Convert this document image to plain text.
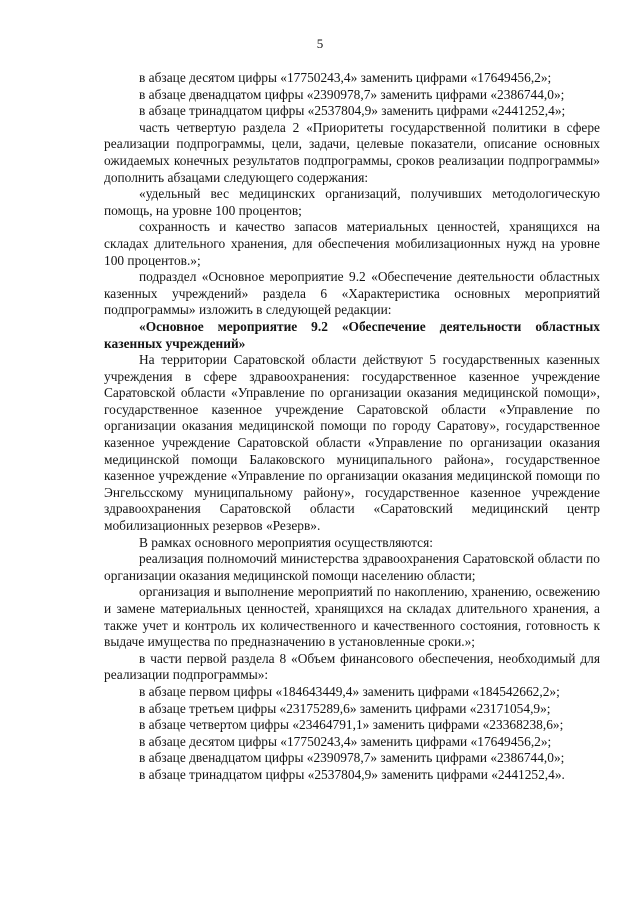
5

в абзаце десятом цифры «17750243,4» заменить цифрами «17649456,2»;

в абзаце двенадцатом цифры «2390978,7» заменить цифрами «2386744,0»;

в абзаце тринадцатом цифры «2537804,9» заменить цифрами «2441252,4»;

часть четвертую раздела 2 «Приоритеты государственной политики в сфере реализации подпрограммы, цели, задачи, целевые показатели, описание основных ожидаемых конечных результатов подпрограммы, сроков реализации подпрограммы» дополнить абзацами следующего содержания:

«удельный вес медицинских организаций, получивших методологическую помощь, на уровне 100 процентов;

сохранность и качество запасов материальных ценностей, хранящихся на складах длительного хранения, для обеспечения мобилизационных нужд на уровне 100 процентов.»;

подраздел «Основное мероприятие 9.2 «Обеспечение деятельности областных казенных учреждений» раздела 6 «Характеристика основных мероприятий подпрограммы» изложить в следующей редакции:

«Основное мероприятие 9.2 «Обеспечение деятельности областных казенных учреждений»

На территории Саратовской области действуют 5 государственных казенных учреждения в сфере здравоохранения: государственное казенное учреждение Саратовской области «Управление по организации оказания медицинской помощи», государственное казенное учреждение Саратовской области «Управление по организации оказания медицинской помощи по городу Саратову», государственное казенное учреждение Саратовской области «Управление по организации оказания медицинской помощи Балаковского муниципального района», государственное казенное учреждение «Управление по организации оказания медицинской помощи по Энгельсскому муниципальному району», государственное казенное учреждение здравоохранения Саратовской области «Саратовский медицинский центр мобилизационных резервов «Резерв».

В рамках основного мероприятия осуществляются:

реализация полномочий министерства здравоохранения Саратовской области по организации оказания медицинской помощи населению области;

организация и выполнение мероприятий по накоплению, хранению, освежению и замене материальных ценностей, хранящихся на складах длительного хранения, а также учет и контроль их количественного и качественного состояния, готовность к выдаче имущества по предназначению в установленные сроки.»;

в части первой раздела 8 «Объем финансового обеспечения, необходимый для реализации подпрограммы»:

в абзаце первом цифры «184643449,4» заменить цифрами «184542662,2»;

в абзаце третьем цифры «23175289,6» заменить цифрами «23171054,9»;

в абзаце четвертом цифры «23464791,1» заменить цифрами «23368238,6»;

в абзаце десятом цифры «17750243,4» заменить цифрами «17649456,2»;

в абзаце двенадцатом цифры «2390978,7» заменить цифрами «2386744,0»;

в абзаце тринадцатом цифры «2537804,9» заменить цифрами «2441252,4».
